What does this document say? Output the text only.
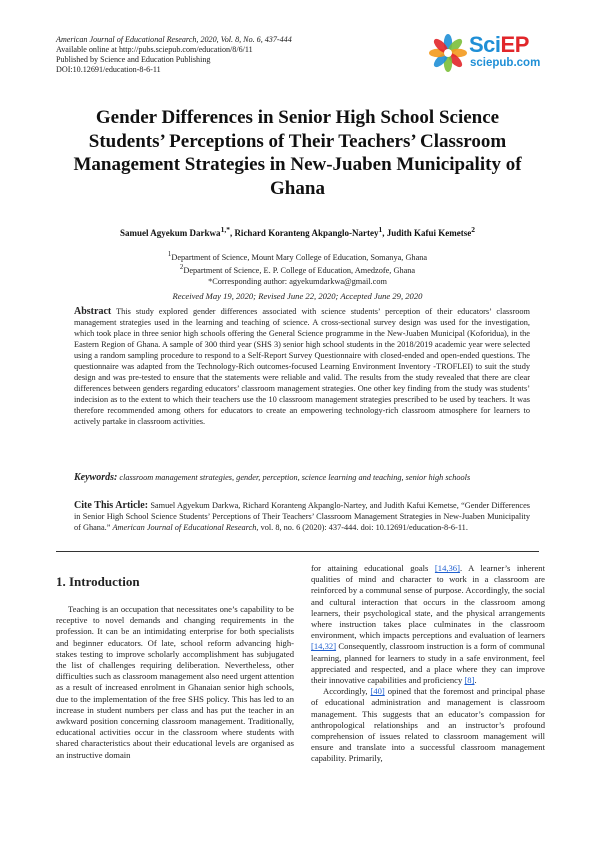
American Journal of Educational Research, 2020, Vol. 8, No. 6, 437-444
Available online at http://pubs.sciepub.com/education/8/6/11
Published by Science and Education Publishing
DOI:10.12691/education-8-6-11
SciEP
sciepub.com
Gender Differences in Senior High School Science Students’ Perceptions of Their Teachers’ Classroom Management Strategies in New-Juaben Municipality of Ghana
Samuel Agyekum Darkwa$^{1,*}$, Richard Koranteng Akpanglo-Nartey$^1$, Judith Kafui Kemetse$^2$
$^1$Department of Science, Mount Mary College of Education, Somanya, Ghana
$^2$Department of Science, E. P. College of Education, Amedzofe, Ghana
*Corresponding author: agyekumdarkwa@gmail.com
Received May 19, 2020; Revised June 22, 2020; Accepted June 29, 2020
Abstract This study explored gender differences associated with science students’ perception of their educators’ classroom management strategies used in the learning and teaching of science. A cross-sectional survey design was used for the investigation, which took place in three senior high schools offering the General Science programme in the New-Juaben Municipal (Koforidua), in the Eastern Region of Ghana. A sample of 300 third year (SHS 3) senior high school students in the 2018/2019 academic year were selected using a random sampling procedure to respond to a Self-Report Survey Questionnaire with closed-ended and open-ended questions. The questionnaire was adapted from the Technology-Rich outcomes-focused Learning Environment Inventory -TROFLEI) to suit the study design and was pre-tested to ensure that the statements were reliable and valid. The results from the study revealed that there are clear differences between genders regarding educators’ classroom management strategies. One other key finding from the study was students’ indecision as to the extent to which their teachers use the 10 classroom management strategies prescribed to be used by teachers. It was therefore recommended among others for educators to create an empowering technology-rich classroom atmosphere for learners to actively partake in classroom activities.
Keywords: classroom management strategies, gender, perception, science learning and teaching, senior high schools
Cite This Article: Samuel Agyekum Darkwa, Richard Koranteng Akpanglo-Nartey, and Judith Kafui Kemetse, “Gender Differences in Senior High School Science Students’ Perceptions of Their Teachers’ Classroom Management Strategies in New-Juaben Municipality of Ghana.” American Journal of Educational Research, vol. 8, no. 6 (2020): 437-444. doi: 10.12691/education-8-6-11.
1. Introduction

Teaching is an occupation that necessitates one’s capability to be receptive to novel demands and changing requirements in the profession. It can be an intimidating enterprise for both specialists and beginner educators. Of late, school reform advancing high-stakes testing to improve scholarly accomplishment has subjugated the list of challenges requiring deliberation. Nevertheless, other difficulties such as classroom management also need urgent attention as a result of increased enrolment in Ghanaian senior high schools, due to the implementation of the free SHS policy. This has led to an increase in student numbers per class and has put the teacher in an awkward position concerning classroom management. Traditionally, educational activities occur in the classroom where students with shared characteristics about their educational levels are organised as an instructive domain

for attaining educational goals [14,36]. A learner’s inherent qualities of mind and character to work in a classroom are reinforced by a communal sense of purpose. Accordingly, the social and cultural interaction that occurs in the classroom among learners, their psychological state, and the physical arrangements where instruction takes place culminates in the classroom environment, which impacts perceptions and evaluation of learners [14,32] Consequently, classroom instruction is a form of communal learning, planned for learners to study in a safe environment, feel appreciated and respected, and a place where they can improve their innovative capabilities and proficiency [8].

Accordingly, [40] opined that the foremost and principal phase of educational administration and management is classroom management. This suggests that an educator’s compassion for anthropological relationships and an instructor’s profound comprehension of issues related to classroom management will ensure and translate into a successful classroom management capability. Primarily,
